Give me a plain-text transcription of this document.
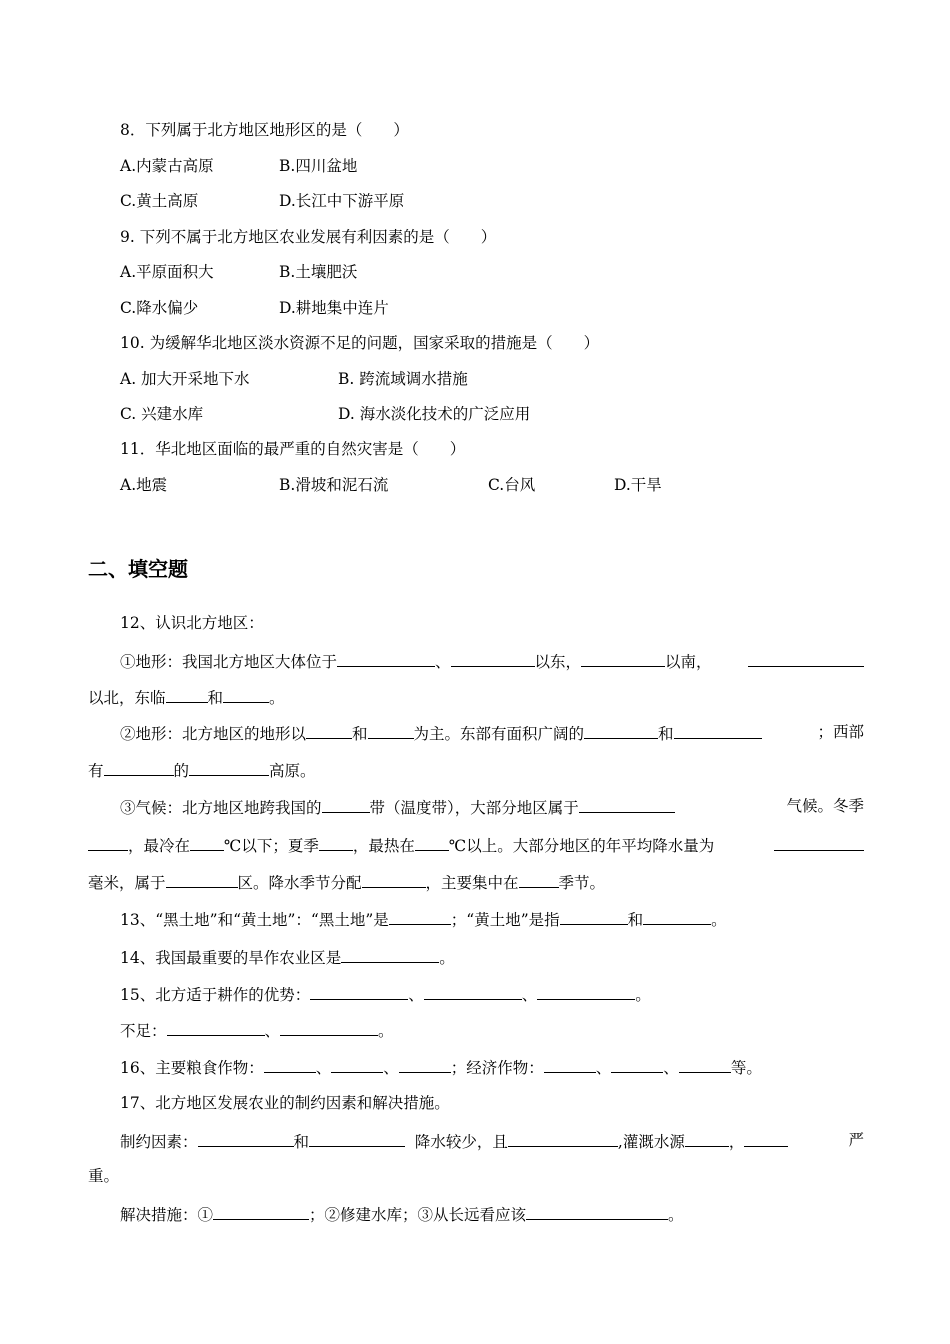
8．下列属于北方地区地形区的是（　　）
A.内蒙古高原	B.四川盆地
C.黄土高原	D.长江中下游平原
9. 下列不属于北方地区农业发展有利因素的是（　　）
A.平原面积大	B.土壤肥沃
C.降水偏少	D.耕地集中连片
10. 为缓解华北地区淡水资源不足的问题，国家采取的措施是（　　）
A. 加大开采地下水	B. 跨流域调水措施
C. 兴建水库	D. 海水淡化技术的广泛应用
11．华北地区面临的最严重的自然灾害是（　　）
A.地震	B.滑坡和泥石流	C.台风	D.干旱
二、填空题
12、认识北方地区：
①地形：我国北方地区大体位于	、	以东，	以南，
以北，东临	和	。
②地形：北方地区的地形以	和	为主。东部有面积广阔的	和	；西部
有	的	高原。
③气候：北方地区地跨我国的	带（温度带），大部分地区属于	气候。冬季
，最冷在 ℃以下；夏季 ，最热在 ℃以上。大部分地区的年平均降水量为
毫米，属于	区。降水季节分配	，主要集中在	季节。
13、“黑土地”和“黄土地”：“黑土地”是	；“黄土地”是指	和	。
14、我国最重要的旱作农业区是	。
15、北方适于耕作的优势：	、	、	。
不足：	、	。
16、主要粮食作物：	、	、	；经济作物：	、	、	等。
17、北方地区发展农业的制约因素和解决措施。
制约因素：	和	降水较少，且	,灌溉水源	，	严
重。
解决措施：①	；②修建水库；③从长远看应该	。
